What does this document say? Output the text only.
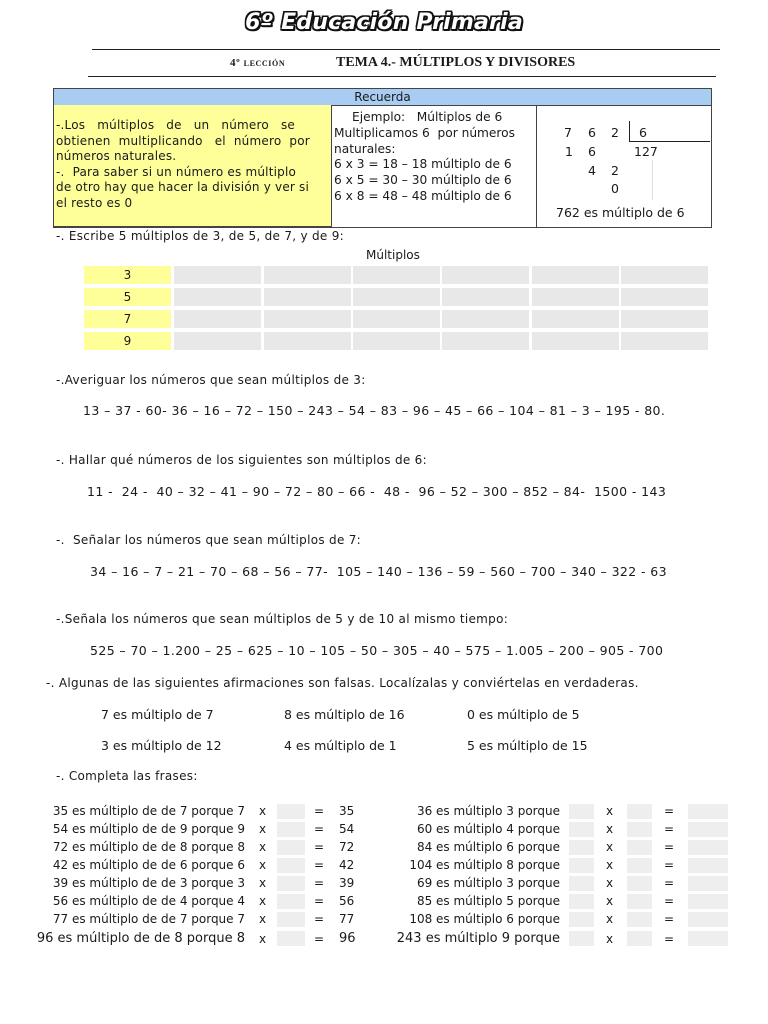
6º Educación Primaria
4º lección	TEMA 4.- MÚLTIPLOS Y DIVISORES
Recuerda
-.Los   múltiplos   de   un   número   se
obtienen  multiplicando   el  número  por
números naturales.
-.  Para saber si un número es múltiplo
de otro hay que hacer la división y ver si
el resto es 0
Ejemplo:   Múltiplos de 6
Multiplicamos 6  por números
naturales:
6 x 3 = 18 – 18 múltiplo de 6
6 x 5 = 30 – 30 múltiplo de 6
6 x 8 = 48 – 48 múltiplo de 6
7 6 2 6
1 6	127
4 2
0
762 es múltiplo de 6
-. Escribe 5 múltiplos de 3, de 5, de 7, y de 9:
Múltiplos
3
5
7
9
-.Averiguar los números que sean múltiplos de 3:
13 – 37 - 60- 36 – 16 – 72 – 150 – 243 – 54 – 83 – 96 – 45 – 66 – 104 – 81 – 3 – 195 - 80.
-. Hallar qué números de los siguientes son múltiplos de 6:
11 -  24 -  40 – 32 – 41 – 90 – 72 – 80 – 66 -  48 -  96 – 52 – 300 – 852 – 84-  1500 - 143
-.  Señalar los números que sean múltiplos de 7:
34 – 16 – 7 – 21 – 70 – 68 – 56 – 77-  105 – 140 – 136 – 59 – 560 – 700 – 340 – 322 - 63
-.Señala los números que sean múltiplos de 5 y de 10 al mismo tiempo:
525 – 70 – 1.200 – 25 – 625 – 10 – 105 – 50 – 305 – 40 – 575 – 1.005 – 200 – 905 - 700
-. Algunas de las siguientes afirmaciones son falsas. Localízalas y conviértelas en verdaderas.
7 es múltiplo de 7	8 es múltiplo de 16	0 es múltiplo de 5
3 es múltiplo de 12	4 es múltiplo de 1	5 es múltiplo de 15
-. Completa las frases:
35 es múltiplo de de 7 porque 7 x	= 35
54 es múltiplo de de 9 porque 9 x	= 54
72 es múltiplo de de 8 porque 8 x	= 72
42 es múltiplo de de 6 porque 6 x	= 42
39 es múltiplo de de 3 porque 3 x	= 39
56 es múltiplo de de 4 porque 4 x	= 56
77 es múltiplo de de 7 porque 7 x	= 77
96 es múltiplo de de 8 porque 8 x	= 96
36 es múltiplo 3 porque	x	=
60 es múltiplo 4 porque	x	=
84 es múltiplo 6 porque	x	=
104 es múltiplo 8 porque	x	=
69 es múltiplo 3 porque	x	=
85 es múltiplo 5 porque	x	=
108 es múltiplo 6 porque	x	=
243 es múltiplo 9 porque	x	=
